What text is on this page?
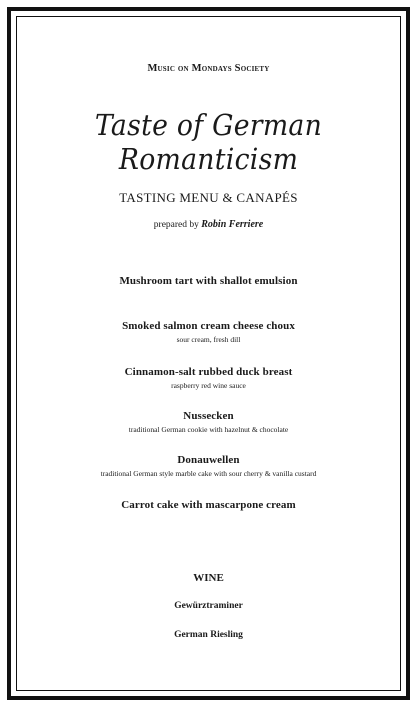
Music on Mondays Society
Taste of German Romanticism
TASTING MENU & CANAPÉS
prepared by Robin Ferriere
Mushroom tart with shallot emulsion
Smoked salmon cream cheese choux
sour cream, fresh dill
Cinnamon-salt rubbed duck breast
raspberry red wine sauce
Nussecken
traditional German cookie with hazelnut & chocolate
Donauwellen
traditional German style marble cake with sour cherry & vanilla custard
Carrot cake with mascarpone cream
WINE
Gewürztraminer
German Riesling
